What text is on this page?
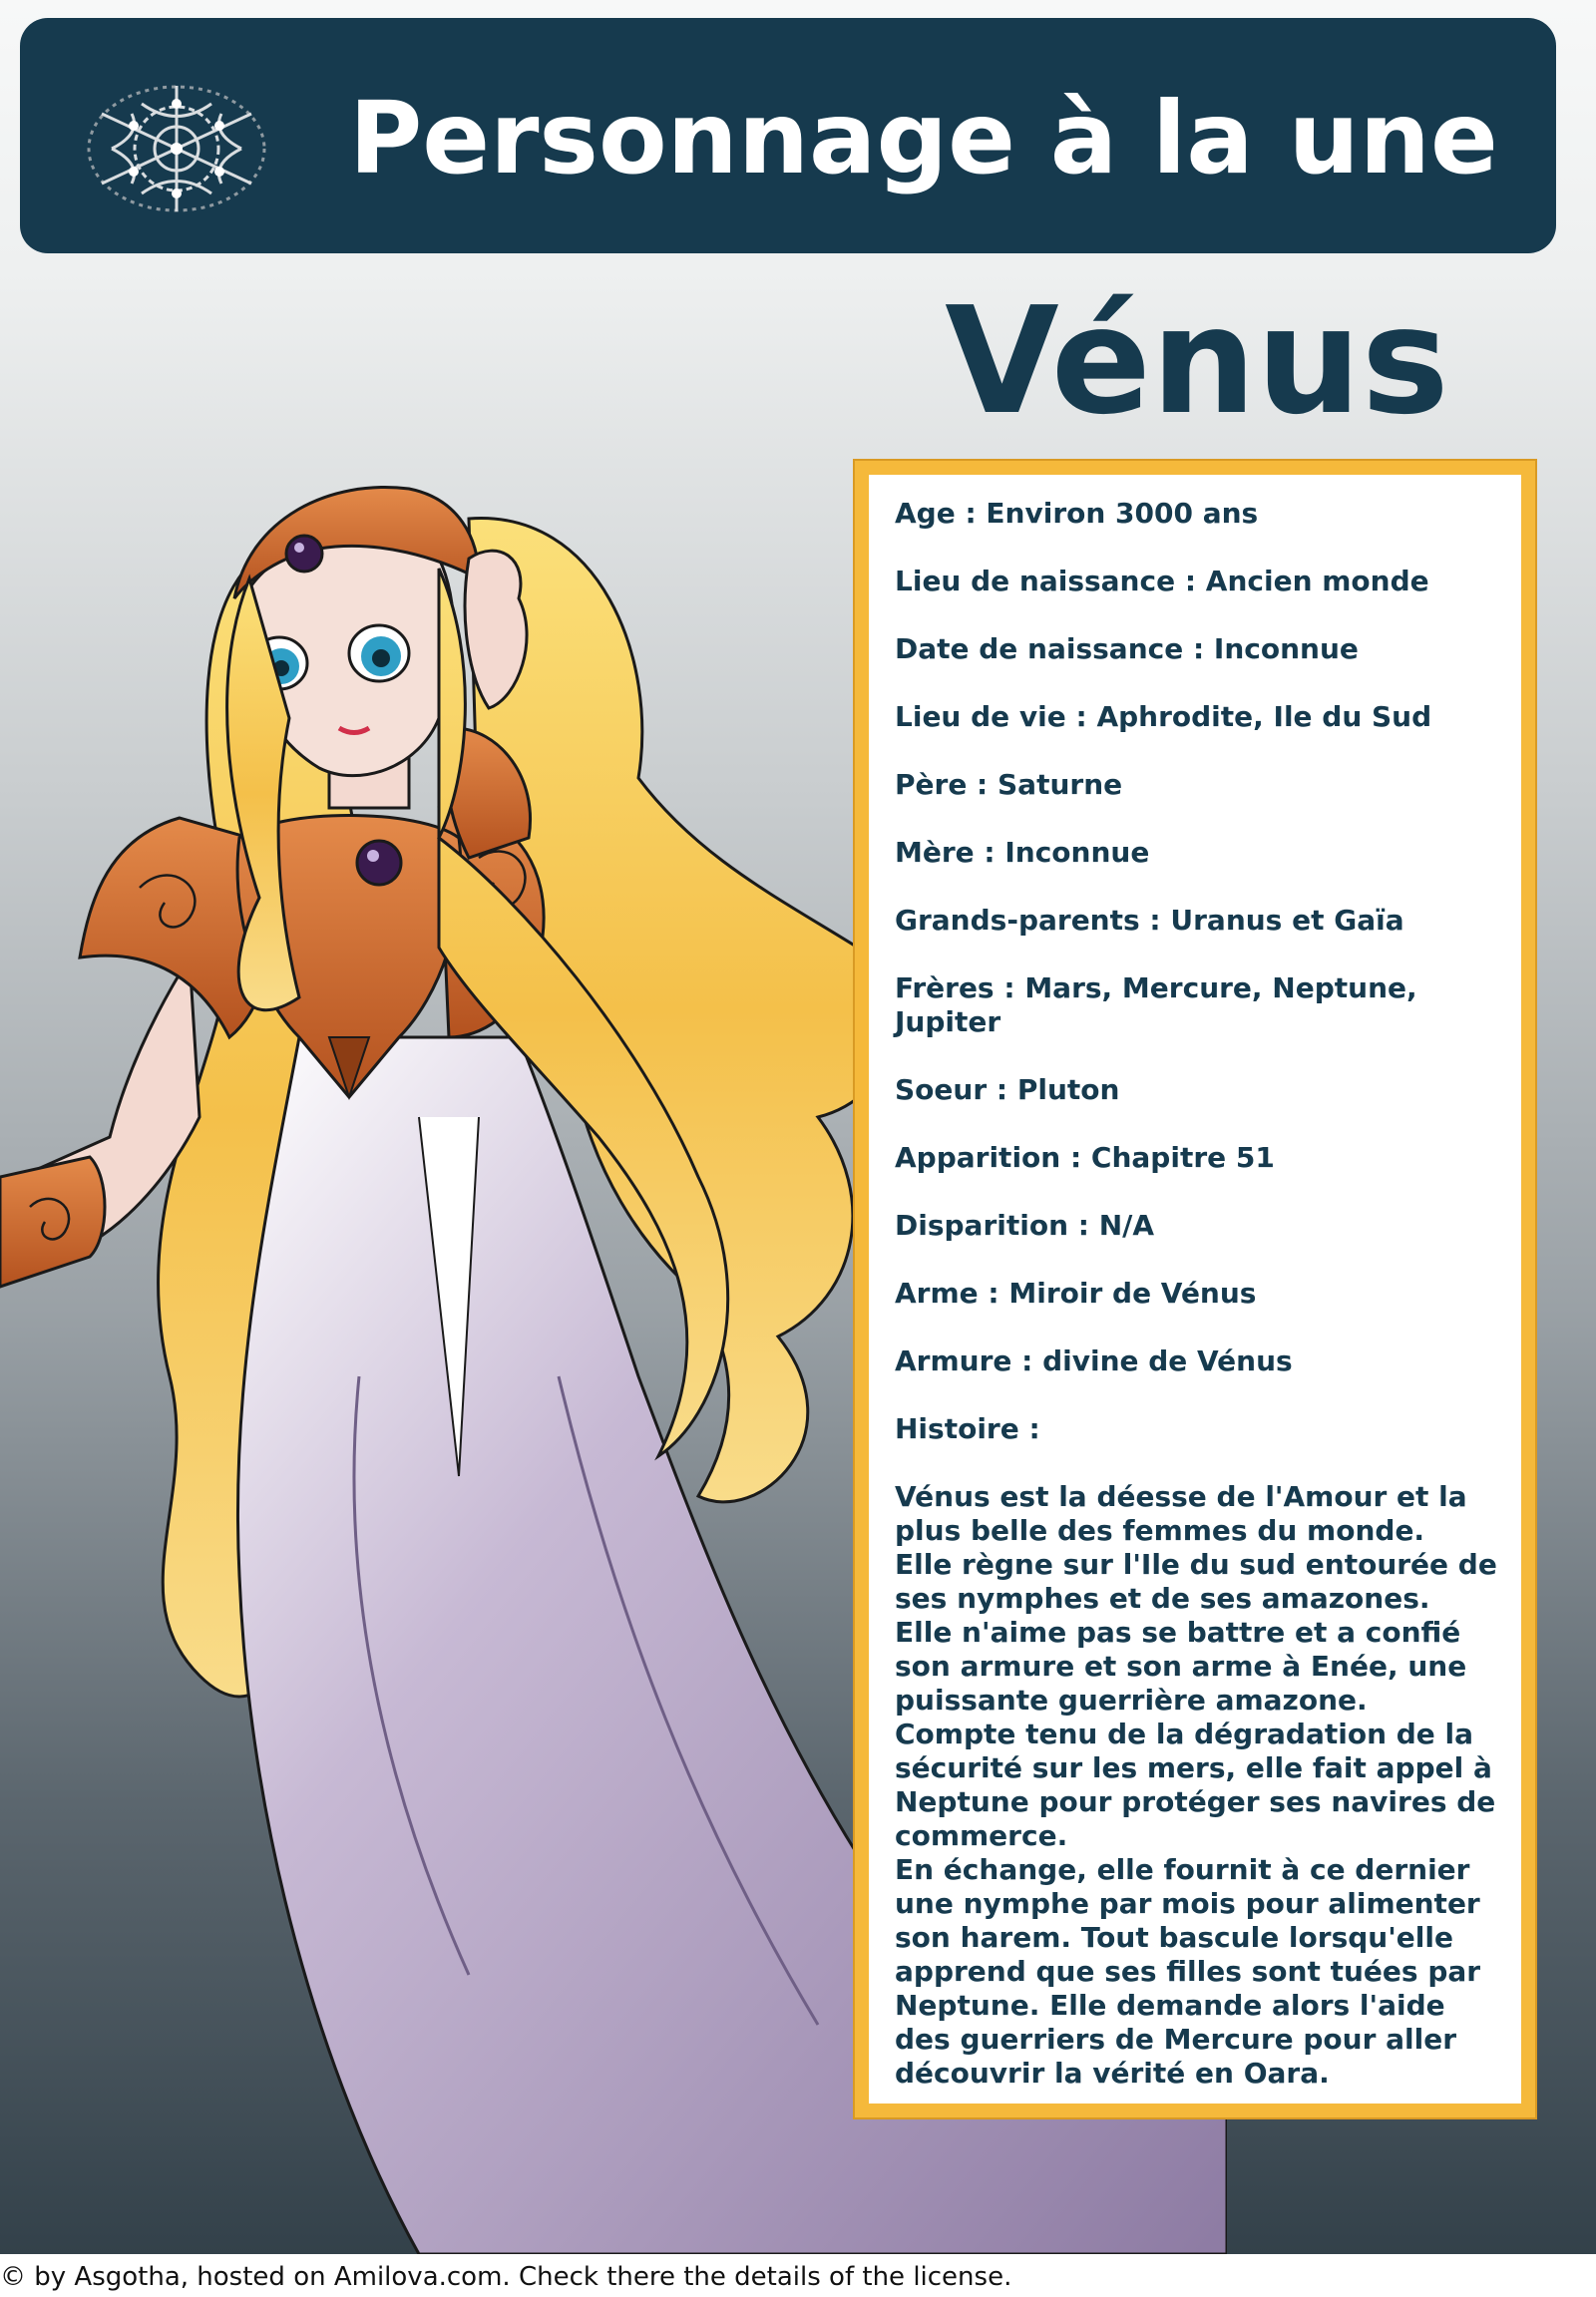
Personnage à la une
Vénus
Age : Environ 3000 ans
Lieu de naissance : Ancien monde
Date de naissance : Inconnue
Lieu de vie : Aphrodite, Ile du Sud
Père : Saturne
Mère : Inconnue
Grands-parents : Uranus et Gaïa
Frères : Mars, Mercure, Neptune, Jupiter
Soeur : Pluton
Apparition : Chapitre 51
Disparition : N/A
Arme : Miroir de Vénus
Armure : divine de Vénus
Histoire :

Vénus est la déesse de l'Amour et la plus belle des femmes du monde.

Elle règne sur l'Ile du sud entourée de ses nymphes et de ses amazones.

Elle n'aime pas se battre et a confié son armure et son arme à Enée, une puissante guerrière amazone.

Compte tenu de la dégradation de la sécurité sur les mers, elle fait appel à Neptune pour protéger ses navires de commerce.

En échange, elle fournit à ce dernier une nymphe par mois pour alimenter son harem. Tout bascule lorsqu'elle apprend que ses filles sont tuées par Neptune. Elle demande alors l'aide des guerriers de Mercure pour aller découvrir la vérité en Oara.

© by Asgotha, hosted on Amilova.com. Check there the details of the license.
